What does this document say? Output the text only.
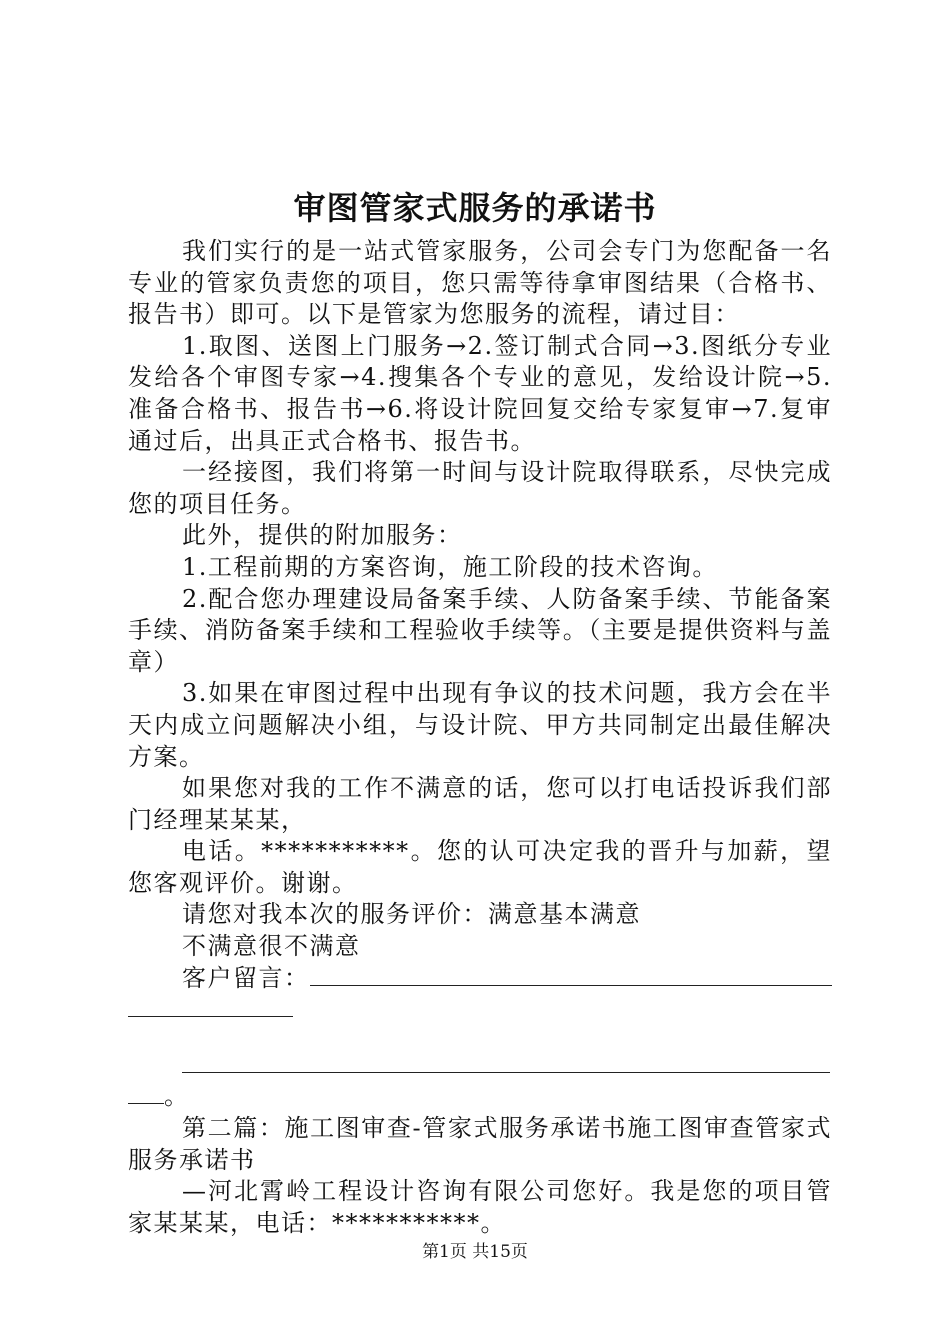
审图管家式服务的承诺书

我们实行的是一站式管家服务，公司会专门为您配备一名专业的管家负责您的项目，您只需等待拿审图结果（合格书、报告书）即可。以下是管家为您服务的流程，请过目：

1.取图、送图上门服务→2.签订制式合同→3.图纸分专业发给各个审图专家→4.搜集各个专业的意见，发给设计院→5.准备合格书、报告书→6.将设计院回复交给专家复审→7.复审通过后，出具正式合格书、报告书。

一经接图，我们将第一时间与设计院取得联系，尽快完成您的项目任务。

此外，提供的附加服务：

1.工程前期的方案咨询，施工阶段的技术咨询。

2.配合您办理建设局备案手续、人防备案手续、节能备案手续、消防备案手续和工程验收手续等。（主要是提供资料与盖章）

3.如果在审图过程中出现有争议的技术问题，我方会在半天内成立问题解决小组，与设计院、甲方共同制定出最佳解决方案。

如果您对我的工作不满意的话，您可以打电话投诉我们部门经理某某某，

电话。***********。您的认可决定我的晋升与加薪，望您客观评价。谢谢。

请您对我本次的服务评价：满意基本满意

不满意很不满意

客户留言：

。

第二篇：施工图审查-管家式服务承诺书施工图审查管家式服务承诺书

—河北霄岭工程设计咨询有限公司您好。我是您的项目管家某某某，电话：***********。

第1页 共15页
